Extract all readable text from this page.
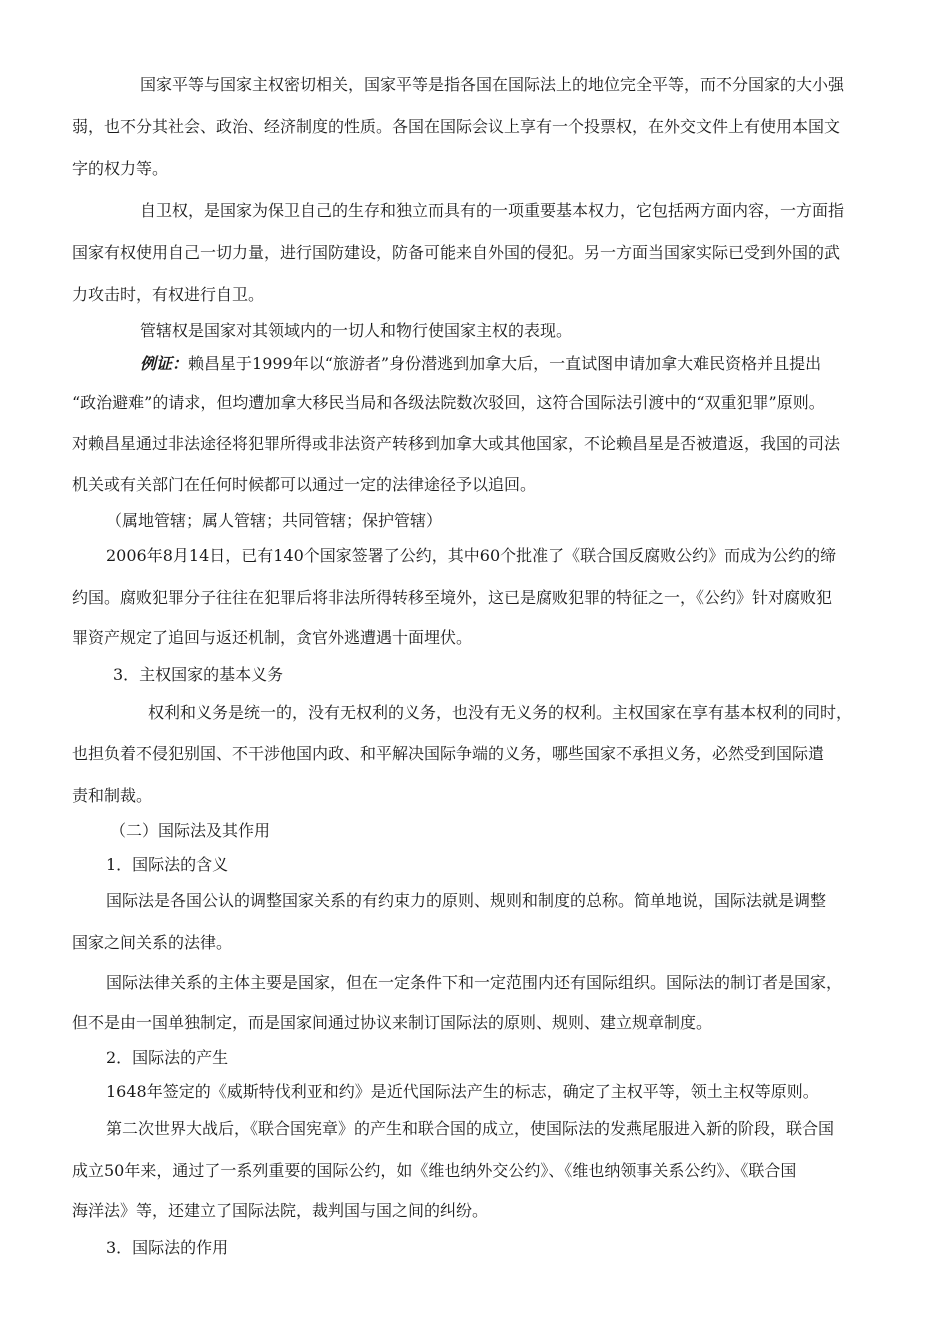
国家平等与国家主权密切相关，国家平等是指各国在国际法上的地位完全平等，而不分国家的大小强
弱，也不分其社会、政治、经济制度的性质。各国在国际会议上享有一个投票权，在外交文件上有使用本国文
字的权力等。
自卫权，是国家为保卫自己的生存和独立而具有的一项重要基本权力，它包括两方面内容，一方面指
国家有权使用自己一切力量，进行国防建设，防备可能来自外国的侵犯。另一方面当国家实际已受到外国的武
力攻击时，有权进行自卫。
管辖权是国家对其领域内的一切人和物行使国家主权的表现。
例证：赖昌星于1999年以“旅游者”身份潜逃到加拿大后，一直试图申请加拿大难民资格并且提出
“政治避难”的请求，但均遭加拿大移民当局和各级法院数次驳回，这符合国际法引渡中的“双重犯罪”原则。
对赖昌星通过非法途径将犯罪所得或非法资产转移到加拿大或其他国家，不论赖昌星是否被遣返，我国的司法
机关或有关部门在任何时候都可以通过一定的法律途径予以追回。
（属地管辖；属人管辖；共同管辖；保护管辖）
2006年8月14日，已有140个国家签署了公约，其中60个批准了《联合国反腐败公约》而成为公约的缔
约国。腐败犯罪分子往往在犯罪后将非法所得转移至境外，这已是腐败犯罪的特征之一，《公约》针对腐败犯
罪资产规定了追回与返还机制，贪官外逃遭遇十面埋伏。
3．主权国家的基本义务
权利和义务是统一的，没有无权利的义务，也没有无义务的权利。主权国家在享有基本权利的同时，
也担负着不侵犯别国、不干涉他国内政、和平解决国际争端的义务，哪些国家不承担义务，必然受到国际遣
责和制裁。
（二）国际法及其作用
1．国际法的含义
国际法是各国公认的调整国家关系的有约束力的原则、规则和制度的总称。简单地说，国际法就是调整
国家之间关系的法律。
国际法律关系的主体主要是国家，但在一定条件下和一定范围内还有国际组织。国际法的制订者是国家，
但不是由一国单独制定，而是国家间通过协议来制订国际法的原则、规则、建立规章制度。
2．国际法的产生
1648年签定的《威斯特伐利亚和约》是近代国际法产生的标志，确定了主权平等，领土主权等原则。
第二次世界大战后，《联合国宪章》的产生和联合国的成立，使国际法的发燕尾服进入新的阶段，联合国
成立50年来，通过了一系列重要的国际公约，如《维也纳外交公约》、《维也纳领事关系公约》、《联合国
海洋法》等，还建立了国际法院，裁判国与国之间的纠纷。
3．国际法的作用
